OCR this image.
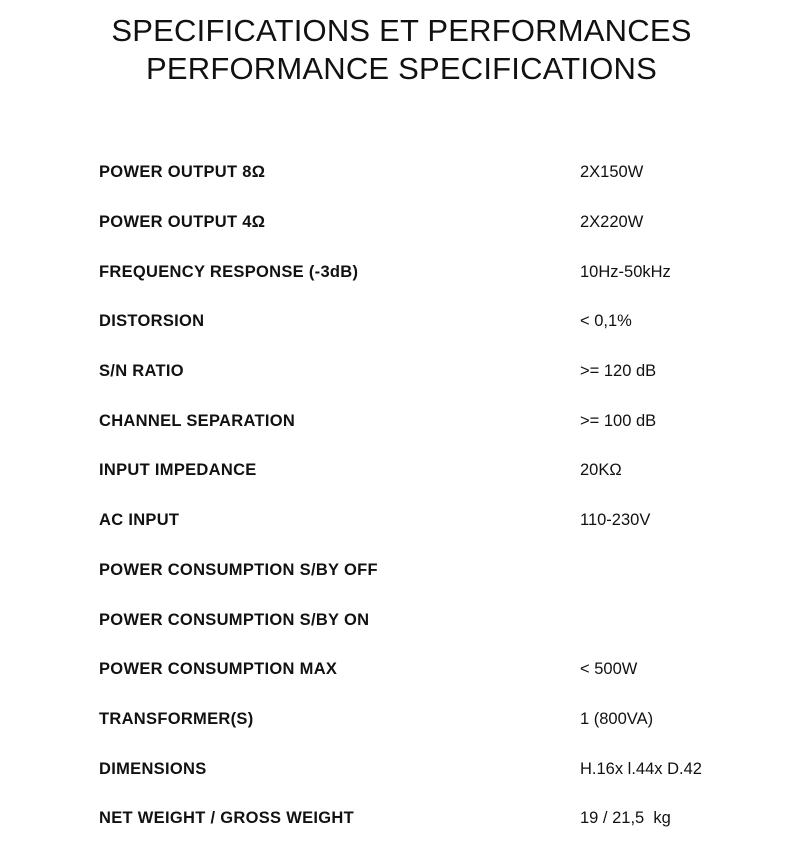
SPECIFICATIONS ET PERFORMANCES
PERFORMANCE SPECIFICATIONS
POWER OUTPUT 8Ω	2X150W
POWER OUTPUT 4Ω	2X220W
FREQUENCY RESPONSE (-3dB)	10Hz-50kHz
DISTORSION	< 0,1%
S/N RATIO	>= 120 dB
CHANNEL SEPARATION	>= 100 dB
INPUT IMPEDANCE	20KΩ
AC INPUT	110-230V
POWER CONSUMPTION S/BY OFF
POWER CONSUMPTION S/BY ON
POWER CONSUMPTION MAX	< 500W
TRANSFORMER(S)	1 (800VA)
DIMENSIONS	H.16x l.44x D.42
NET WEIGHT / GROSS WEIGHT	19 / 21,5  kg
